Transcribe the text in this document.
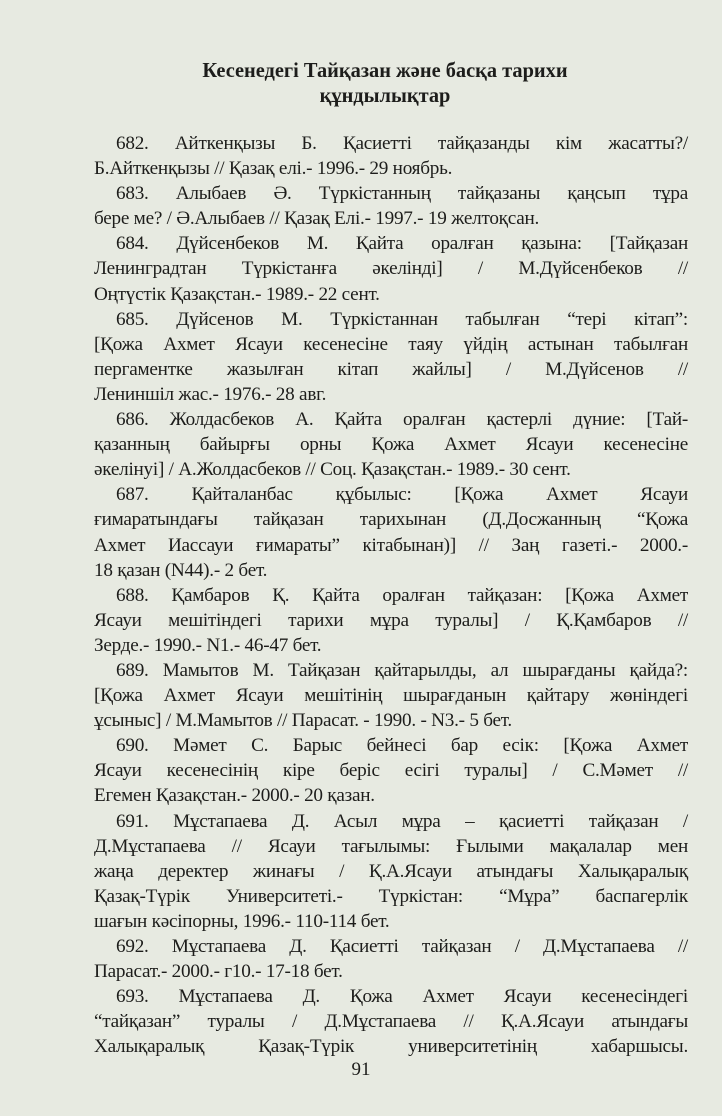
Кесенедегі Тайқазан және басқа тарихи
құндылықтар
682. Айткенқызы Б. Қасиетті тайқазанды кім жасатты?/
Б.Айткенқызы // Қазақ елі.- 1996.- 29 ноябрь.
683. Алыбаев Ә. Түркістанның тайқазаны қаңсып тұра
бере ме? / Ә.Алыбаев // Қазақ Елі.- 1997.- 19 желтоқсан.
684. Дүйсенбеков М. Қайта оралған қазына: [Тайқазан
Ленинградтан Түркістанға әкелінді] / М.Дүйсенбеков //
Оңтүстік Қазақстан.- 1989.- 22 сент.
685. Дүйсенов М. Түркістаннан табылған “тері кітап”:
[Қожа Ахмет Ясауи кесенесіне таяу үйдің астынан табылған
пергаментке жазылған кітап жайлы] / М.Дүйсенов //
Лениншіл жас.- 1976.- 28 авг.
686. Жолдасбеков А. Қайта оралған қастерлі дүние: [Тай-
қазанның байырғы орны Қожа Ахмет Ясауи кесенесіне
әкелінуі] / А.Жолдасбеков // Соц. Қазақстан.- 1989.- 30 сент.
687. Қайталанбас құбылыс: [Қожа Ахмет Ясауи
ғимаратындағы тайқазан тарихынан (Д.Досжанның “Қожа
Ахмет Иассауи ғимараты” кітабынан)] // Заң газеті.- 2000.-
18 қазан (N44).- 2 бет.
688. Қамбаров Қ. Қайта оралған тайқазан: [Қожа Ахмет
Ясауи мешітіндегі тарихи мұра туралы] / Қ.Қамбаров //
Зерде.- 1990.- N1.- 46-47 бет.
689. Мамытов М. Тайқазан қайтарылды, ал шырағданы қайда?:
[Қожа Ахмет Ясауи мешітінің шырағданын қайтару жөніндегі
ұсыныс] / М.Мамытов // Парасат. - 1990. - N3.- 5 бет.
690. Мәмет С. Барыс бейнесі бар есік: [Қожа Ахмет
Ясауи кесенесінің кіре беріс есігі туралы] / С.Мәмет //
Егемен Қазақстан.- 2000.- 20 қазан.
691. Мұстапаева Д. Асыл мұра – қасиетті тайқазан /
Д.Мұстапаева // Ясауи тағылымы: Ғылыми мақалалар мен
жаңа деректер жинағы / Қ.А.Ясауи атындағы Халықаралық
Қазақ-Түрік Университеті.- Түркістан: “Мұра” баспагерлік
шағын кәсіпорны, 1996.- 110-114 бет.
692. Мұстапаева Д. Қасиетті тайқазан / Д.Мұстапаева //
Парасат.- 2000.- г10.- 17-18 бет.
693. Мұстапаева Д. Қожа Ахмет Ясауи кесенесіндегі
“тайқазан” туралы / Д.Мұстапаева // Қ.А.Ясауи атындағы
Халықаралық Қазақ-Түрік университетінің хабаршысы.
91
